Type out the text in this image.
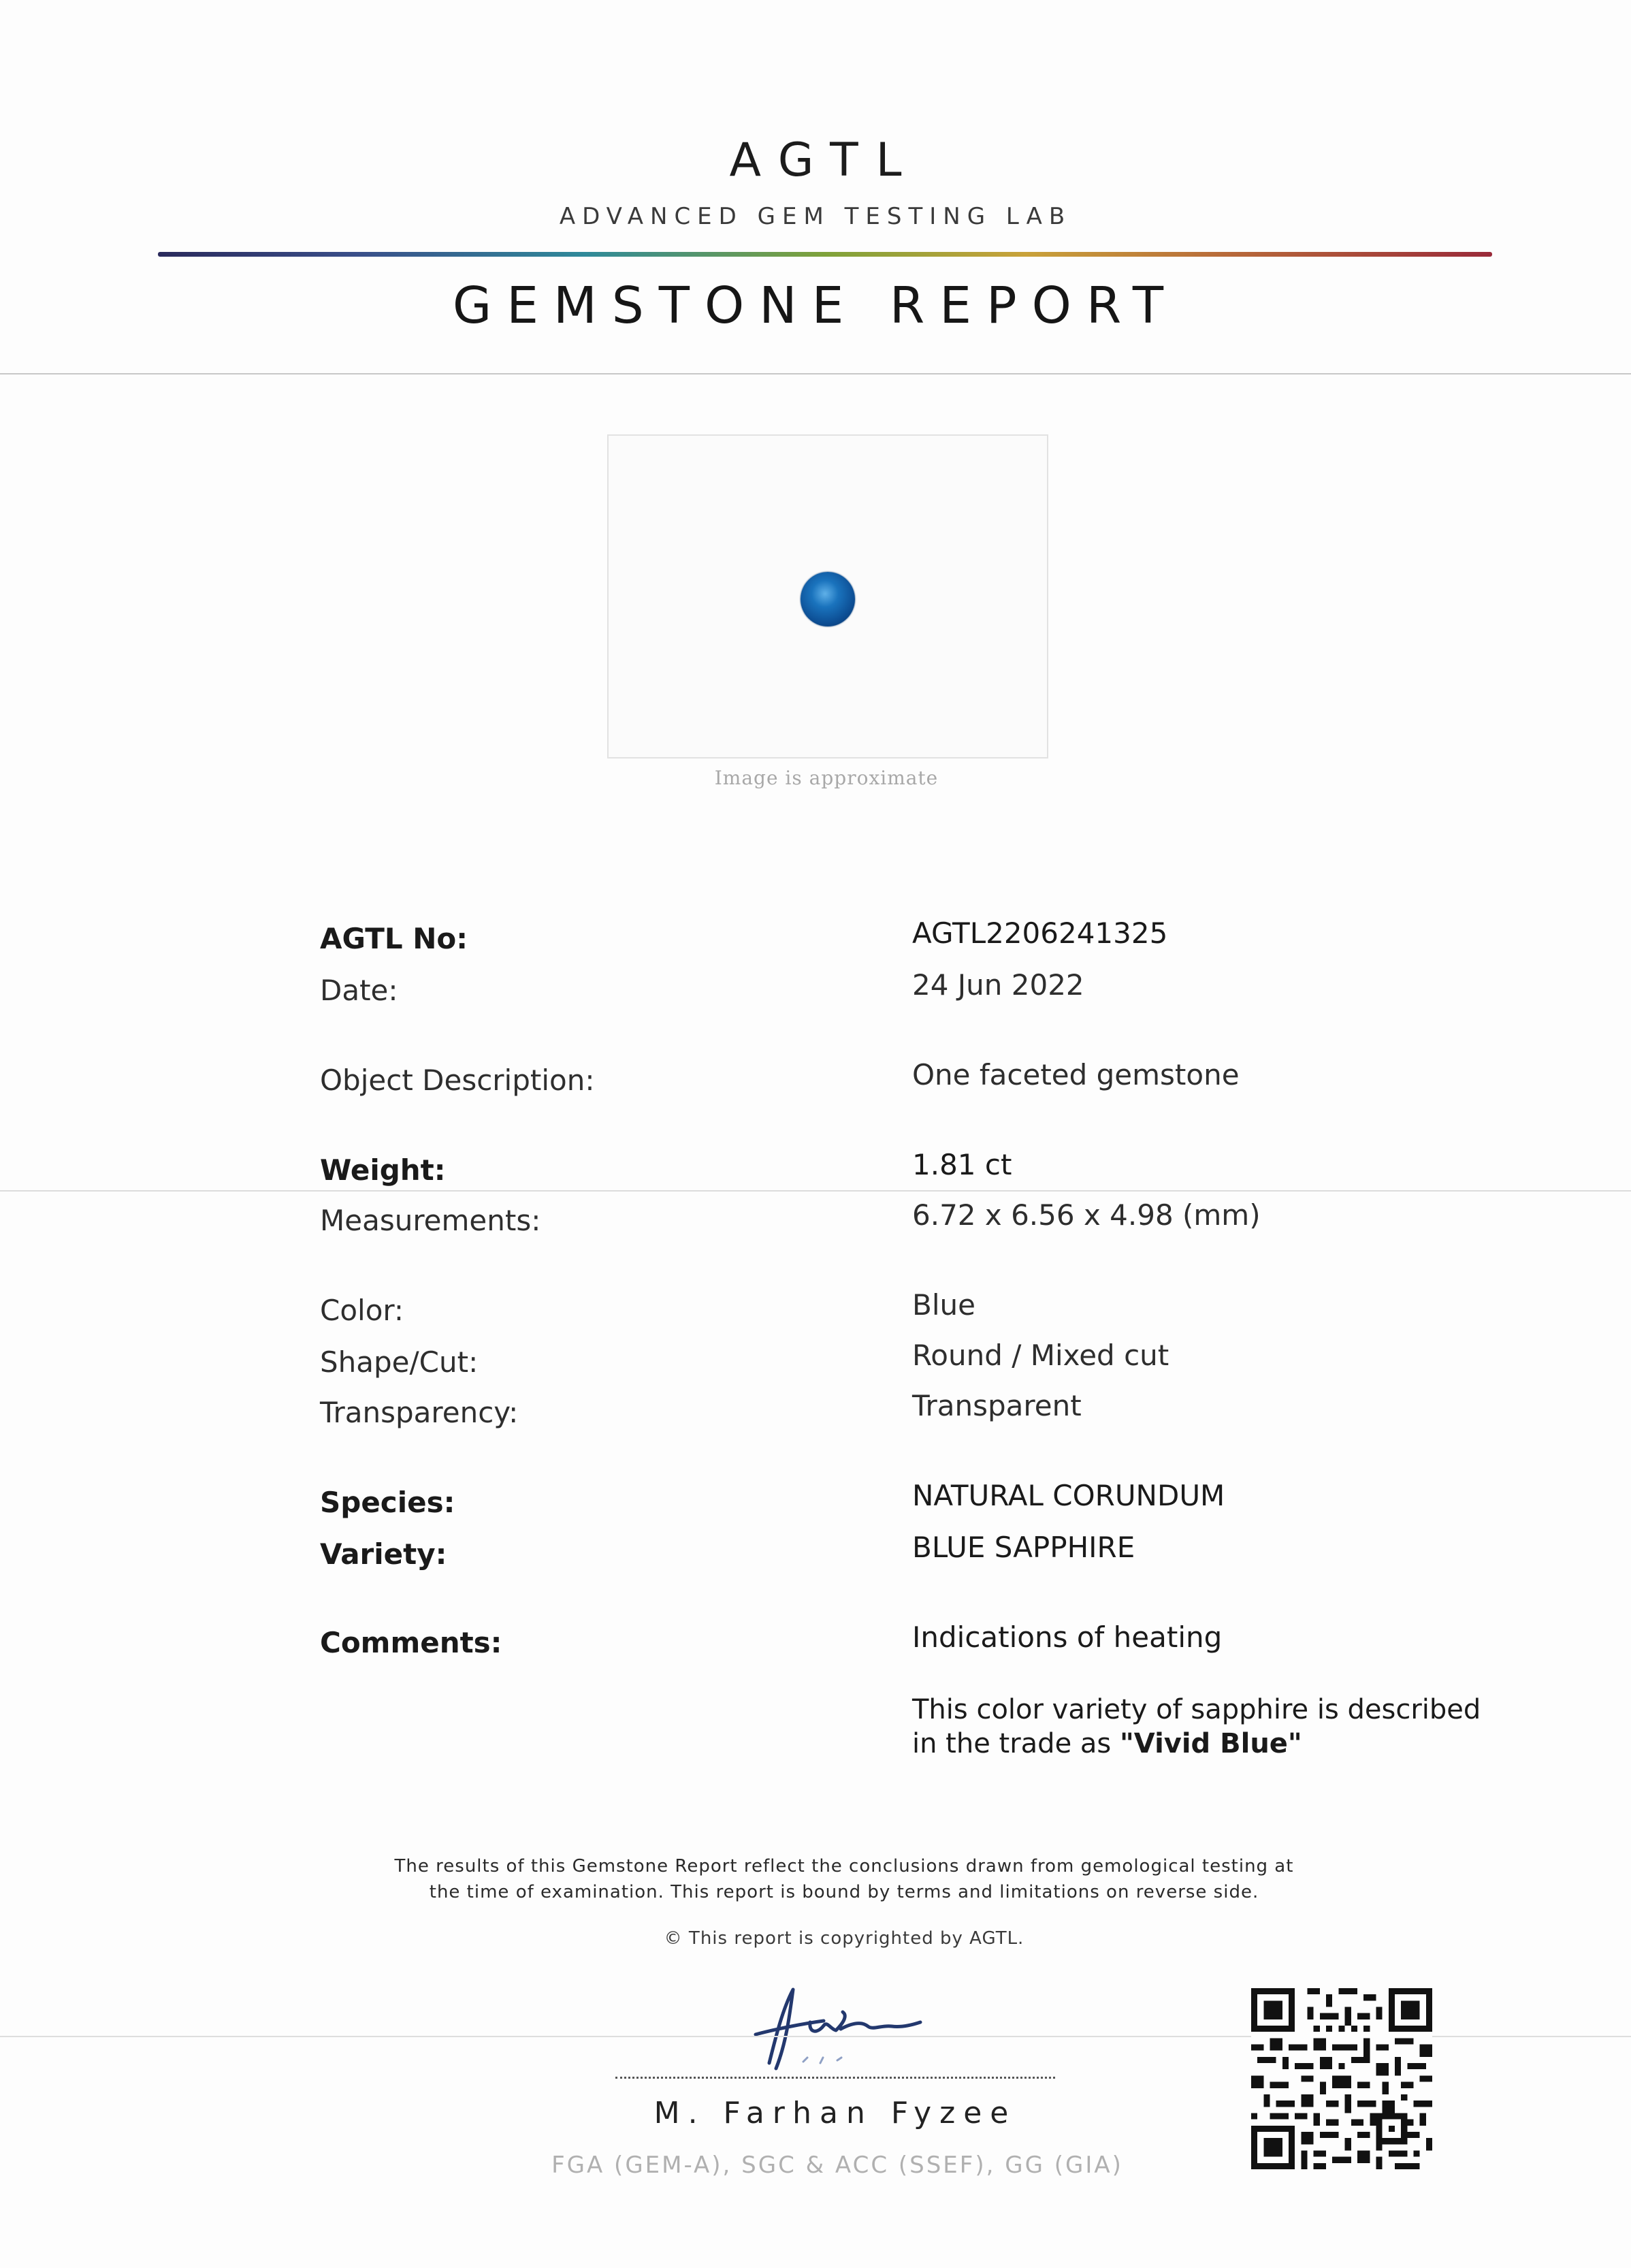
AGTL
ADVANCED GEM TESTING LAB
GEMSTONE REPORT
Image is approximate
AGTL No:	AGTL2206241325
Date:	24 Jun 2022
Object Description:	One faceted gemstone
Weight:	1.81 ct
Measurements:	6.72 x 6.56 x 4.98 (mm)
Color:	Blue
Shape/Cut:	Round / Mixed cut
Transparency:	Transparent
Species:	NATURAL CORUNDUM
Variety:	BLUE SAPPHIRE
Comments:	Indications of heating
This color variety of sapphire is described in the trade as "Vivid Blue"
The results of this Gemstone Report reflect the conclusions drawn from gemological testing at
the time of examination. This report is bound by terms and limitations on reverse side.
© This report is copyrighted by AGTL.
M. Farhan Fyzee
FGA (GEM-A), SGC & ACC (SSEF), GG (GIA)
